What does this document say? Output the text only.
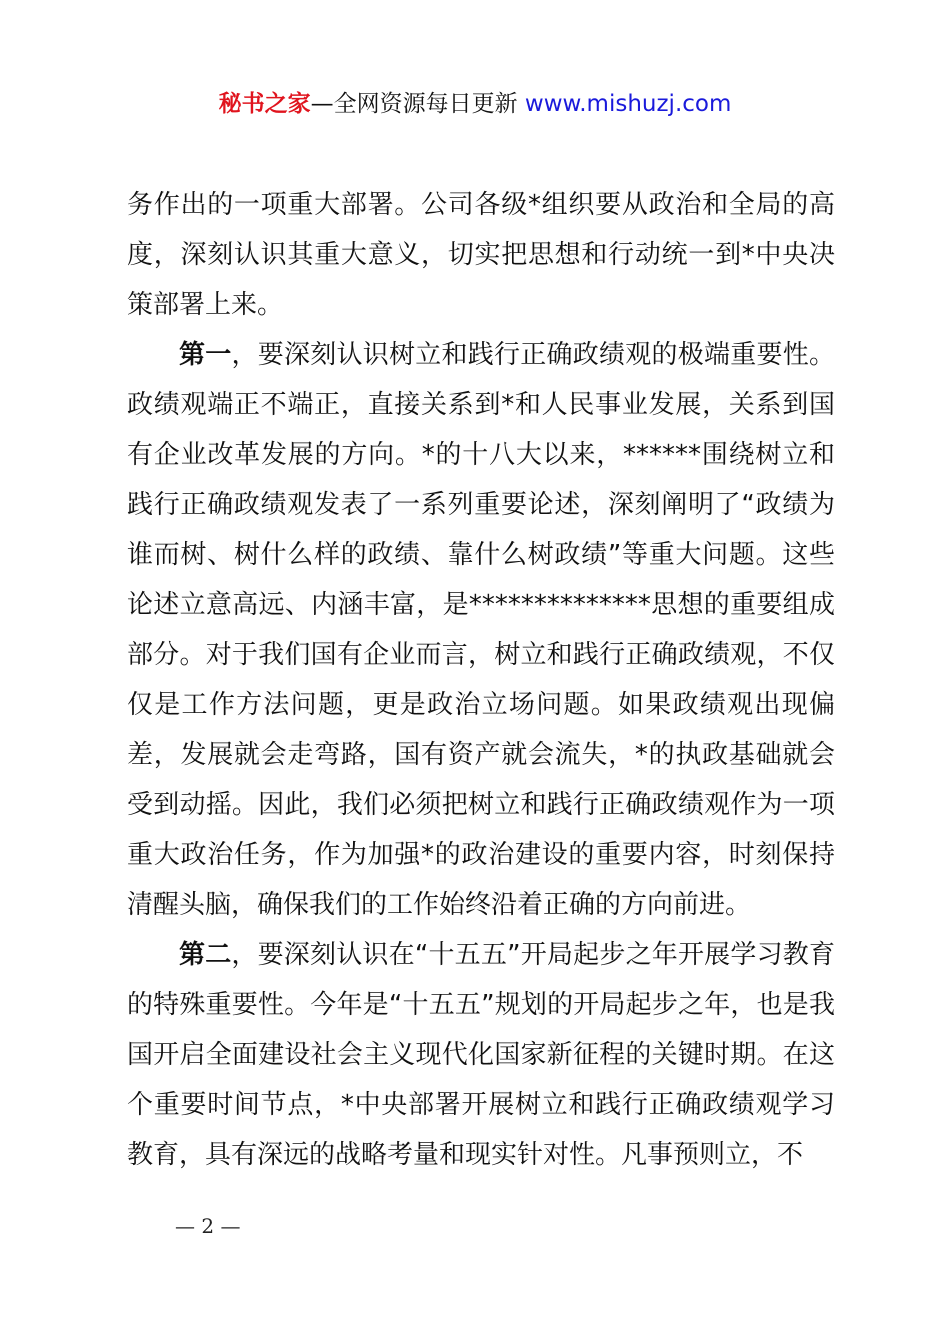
秘书之家—全网资源每日更新 www.mishuzj.com

务作出的一项重大部署。公司各级*组织要从政治和全局的高度，深刻认识其重大意义，切实把思想和行动统一到*中央决策部署上来。

第一，要深刻认识树立和践行正确政绩观的极端重要性。政绩观端正不端正，直接关系到*和人民事业发展，关系到国有企业改革发展的方向。*的十八大以来，******围绕树立和践行正确政绩观发表了一系列重要论述，深刻阐明了“政绩为谁而树、树什么样的政绩、靠什么树政绩”等重大问题。这些论述立意高远、内涵丰富，是**************思想的重要组成部分。对于我们国有企业而言，树立和践行正确政绩观，不仅仅是工作方法问题，更是政治立场问题。如果政绩观出现偏差，发展就会走弯路，国有资产就会流失，*的执政基础就会受到动摇。因此，我们必须把树立和践行正确政绩观作为一项重大政治任务，作为加强*的政治建设的重要内容，时刻保持清醒头脑，确保我们的工作始终沿着正确的方向前进。

第二，要深刻认识在“十五五”开局起步之年开展学习教育的特殊重要性。今年是“十五五”规划的开局起步之年，也是我国开启全面建设社会主义现代化国家新征程的关键时期。在这个重要时间节点，*中央部署开展树立和践行正确政绩观学习教育，具有深远的战略考量和现实针对性。凡事预则立，不

— 2 —
